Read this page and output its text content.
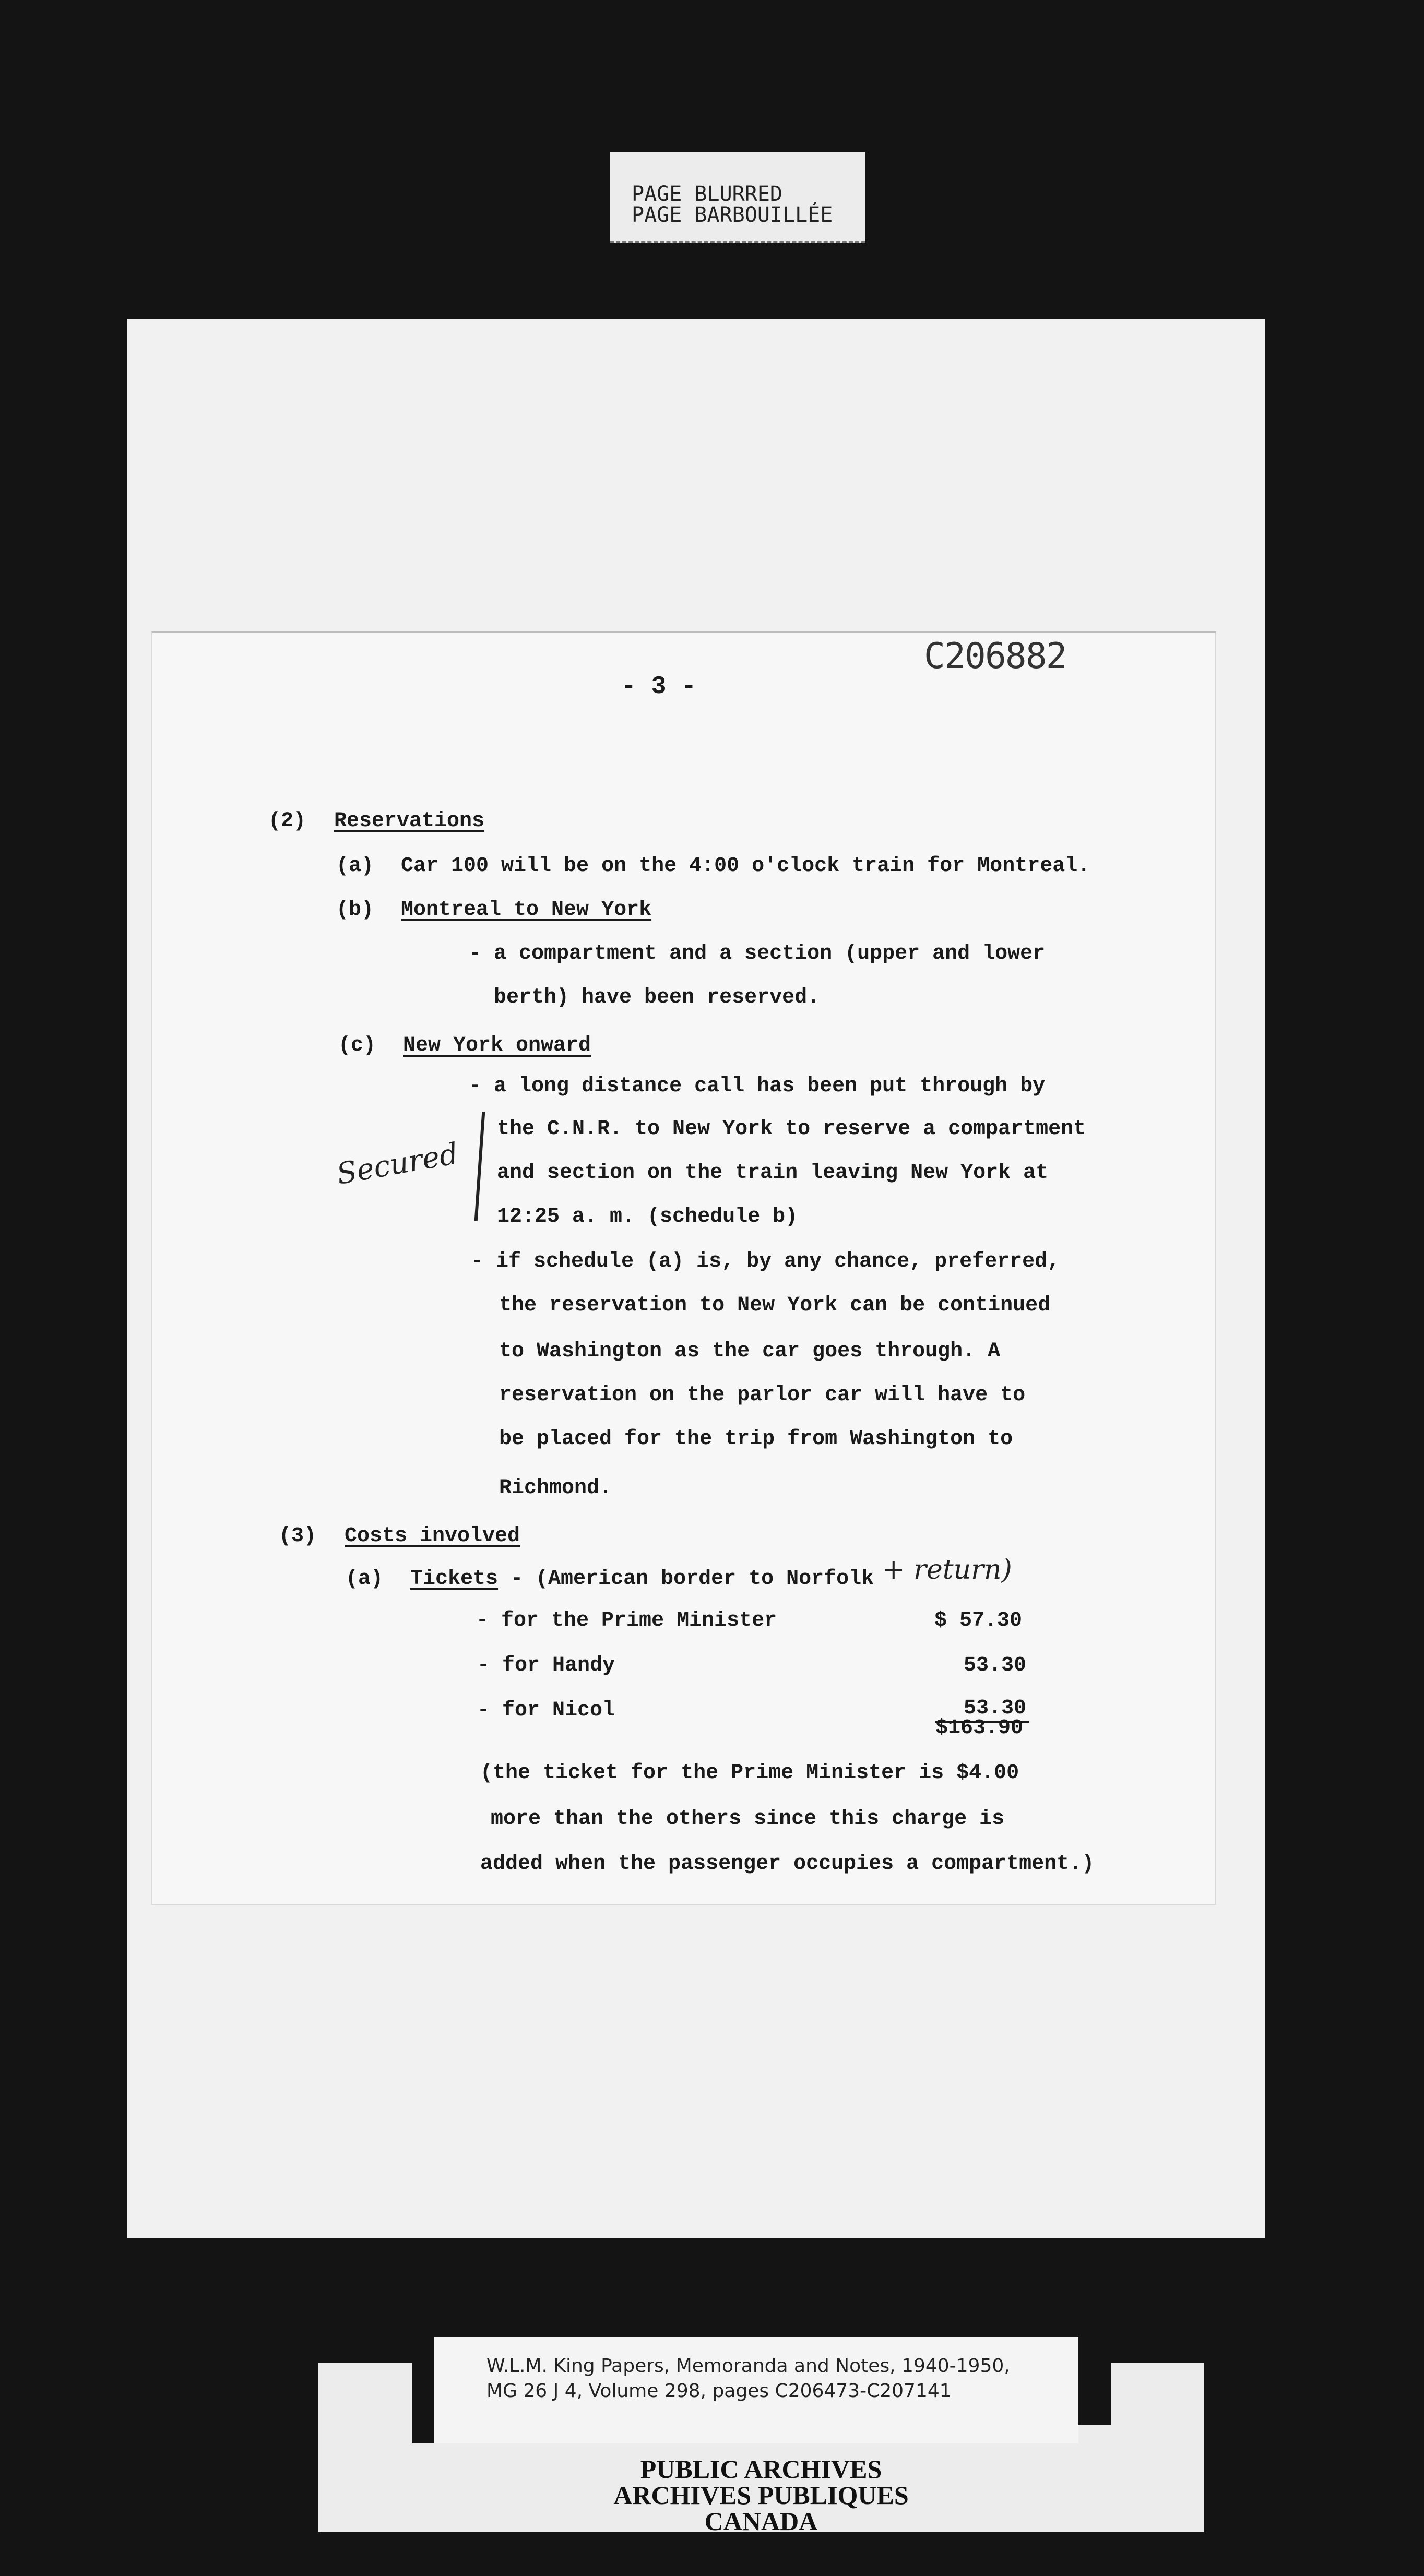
PAGE BLURRED
PAGE BARBOUILLÉE
C206882
- 3 -
(2) Reservations
(a) Car 100 will be on the 4:00 o'clock train for Montreal.
(b) Montreal to New York
- a compartment and a section (upper and lower
berth) have been reserved.
(c) New York onward
- a long distance call has been put through by
the C.N.R. to New York to reserve a compartment
and section on the train leaving New York at
12:25 a. m. (schedule b)
- if schedule (a) is, by any chance, preferred,
the reservation to New York can be continued
to Washington as the car goes through. A
reservation on the parlor car will have to
be placed for the trip from Washington to
Richmond.
Secured
(3) Costs involved
(a) Tickets - (American border to Norfolk + return)
- for the Prime Minister	$ 57.30
- for Handy	53.30
- for Nicol	53.30
$163.90
(the ticket for the Prime Minister is $4.00
more than the others since this charge is
added when the passenger occupies a compartment.)
W.L.M. King Papers, Memoranda and Notes, 1940-1950,
MG 26 J 4, Volume 298, pages C206473-C207141
PUBLIC ARCHIVES
ARCHIVES PUBLIQUES
CANADA
